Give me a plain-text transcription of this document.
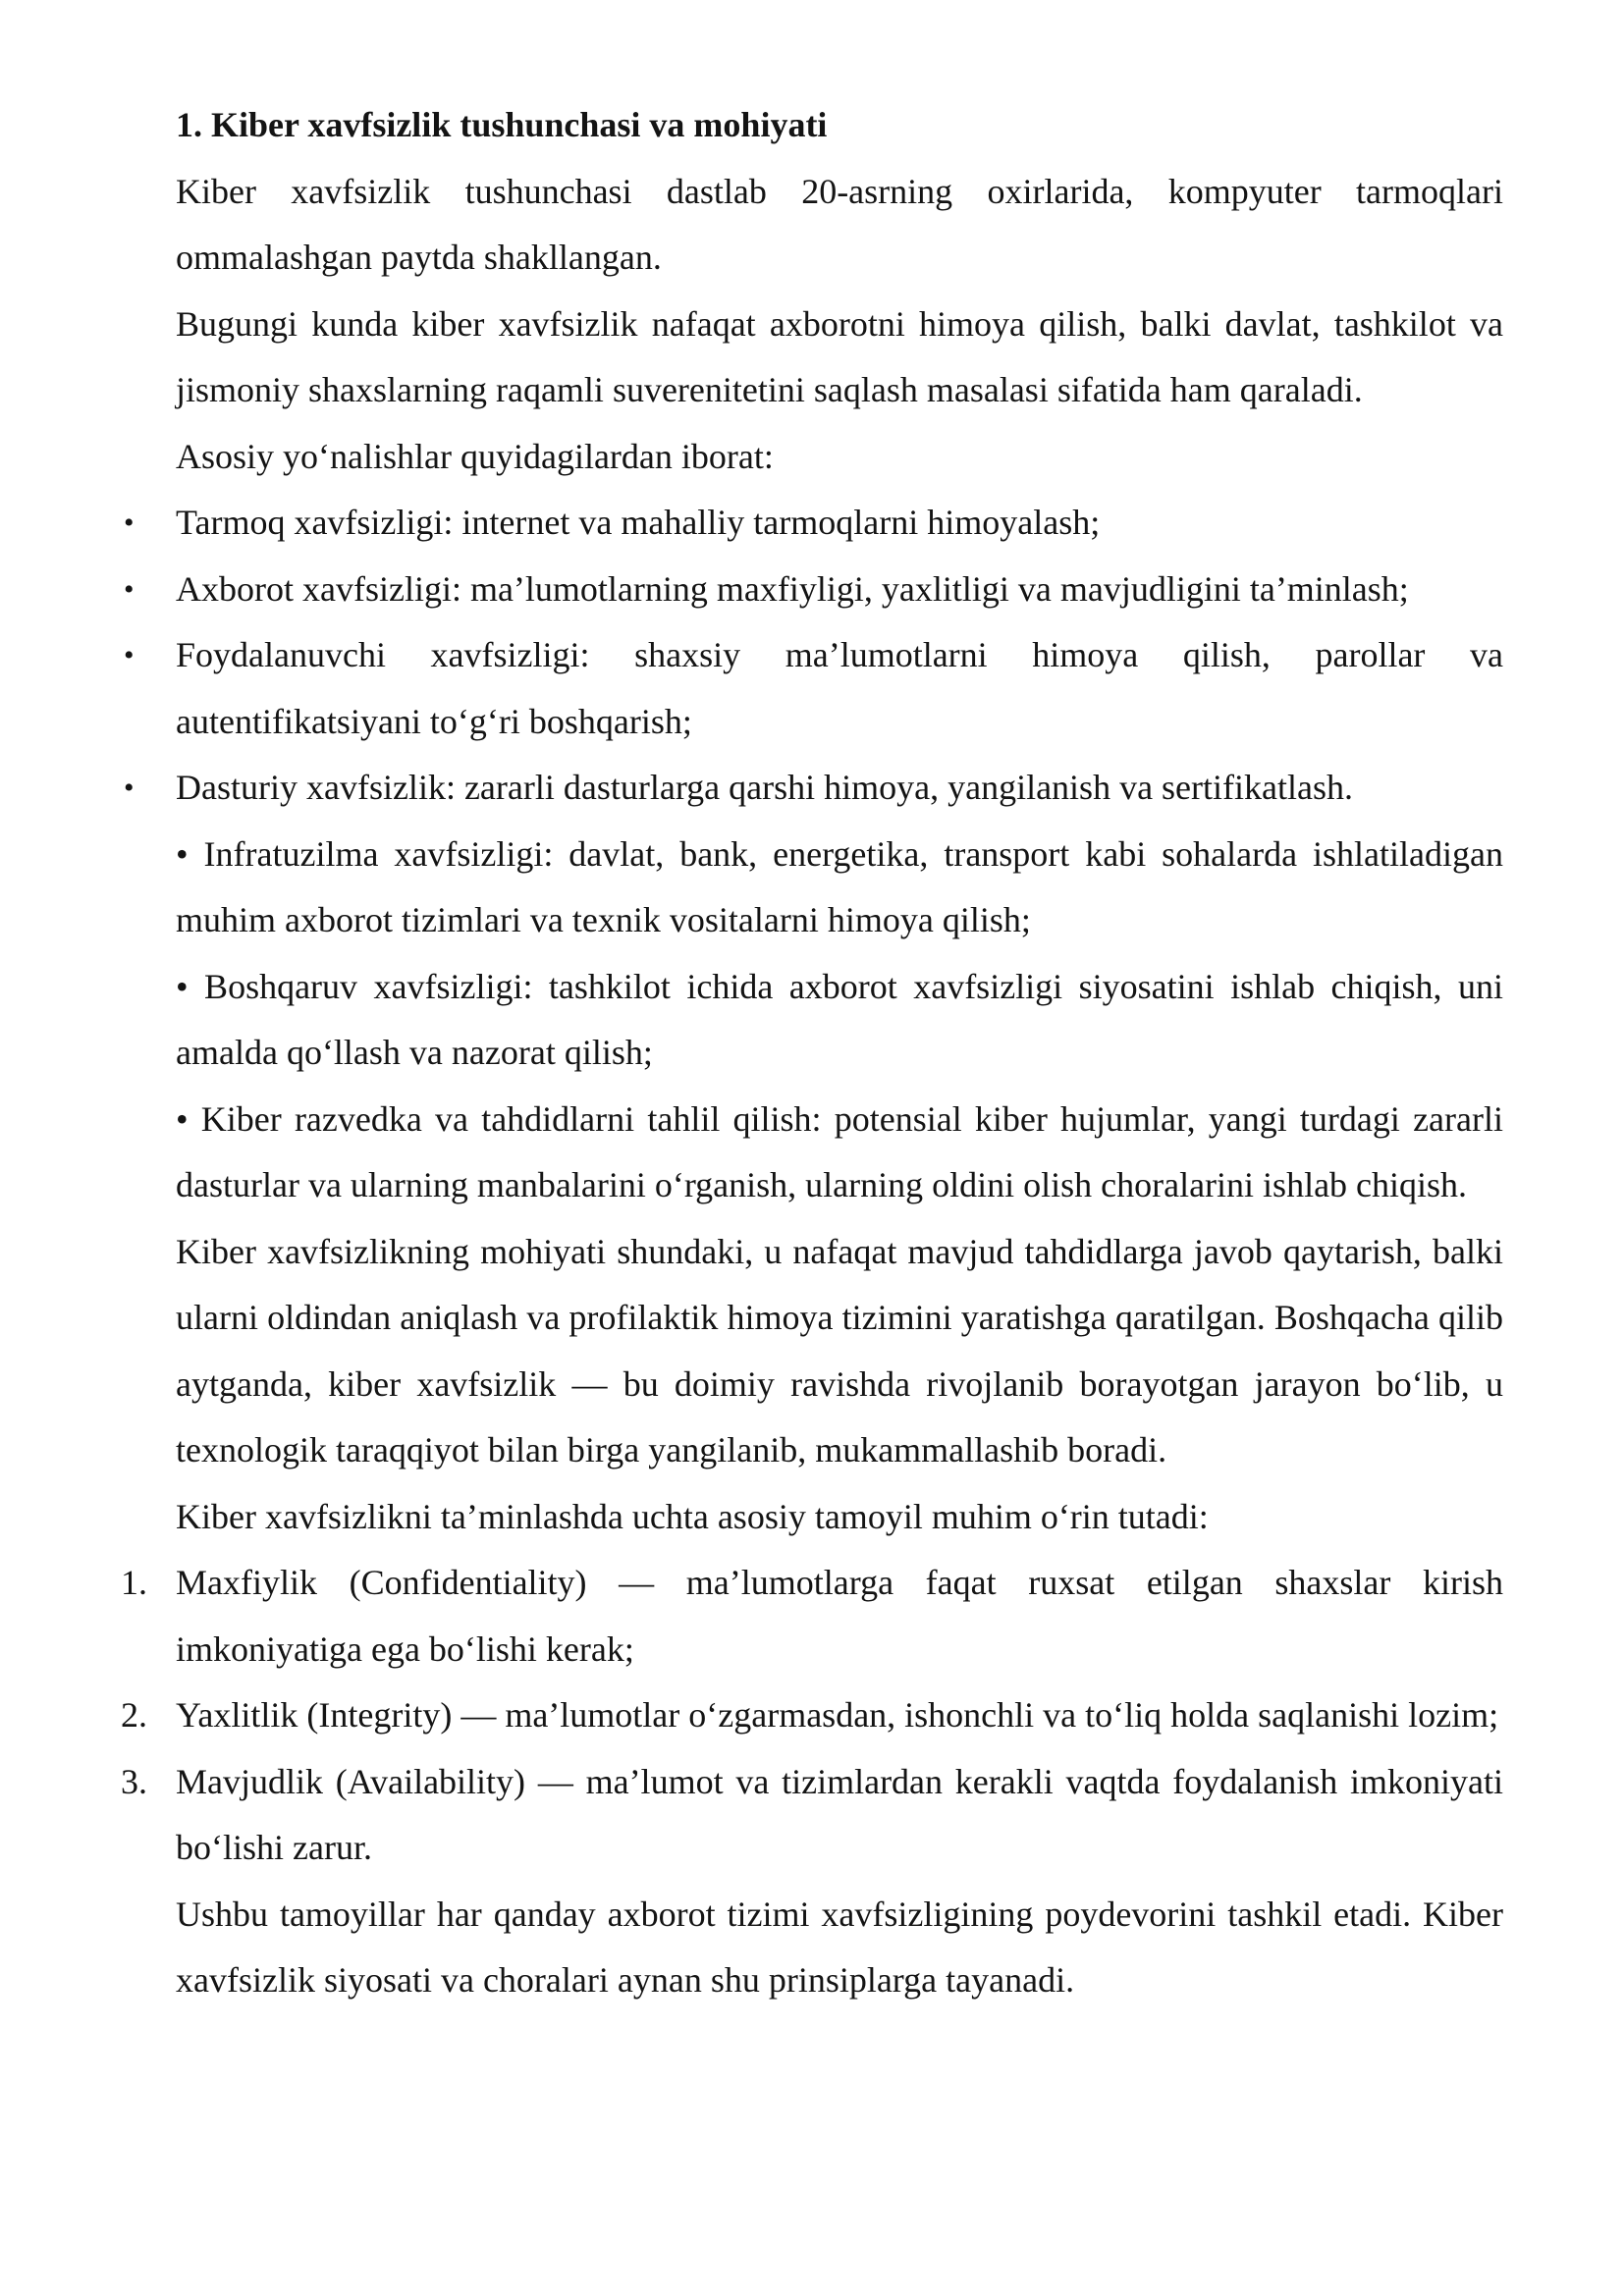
1. Kiber xavfsizlik tushunchasi va mohiyati

Kiber xavfsizlik tushunchasi dastlab 20-asrning oxirlarida, kompyuter tarmoqlari ommalashgan paytda shakllangan.

Bugungi kunda kiber xavfsizlik nafaqat axborotni himoya qilish, balki davlat, tashkilot va jismoniy shaxslarning raqamli suverenitetini saqlash masalasi sifatida ham qaraladi.

Asosiy yo‘nalishlar quyidagilardan iborat:

• Tarmoq xavfsizligi: internet va mahalliy tarmoqlarni himoyalash;

• Axborot xavfsizligi: ma’lumotlarning maxfiyligi, yaxlitligi va mavjudligini ta’minlash;

• Foydalanuvchi xavfsizligi: shaxsiy ma’lumotlarni himoya qilish, parollar va autentifikatsiyani to‘g‘ri boshqarish;

• Dasturiy xavfsizlik: zararli dasturlarga qarshi himoya, yangilanish va sertifikatlash.

• Infratuzilma xavfsizligi: davlat, bank, energetika, transport kabi sohalarda ishlatiladigan muhim axborot tizimlari va texnik vositalarni himoya qilish;

• Boshqaruv xavfsizligi: tashkilot ichida axborot xavfsizligi siyosatini ishlab chiqish, uni amalda qo‘llash va nazorat qilish;

• Kiber razvedka va tahdidlarni tahlil qilish: potensial kiber hujumlar, yangi turdagi zararli dasturlar va ularning manbalarini o‘rganish, ularning oldini olish choralarini ishlab chiqish.

Kiber xavfsizlikning mohiyati shundaki, u nafaqat mavjud tahdidlarga javob qaytarish, balki ularni oldindan aniqlash va profilaktik himoya tizimini yaratishga qaratilgan. Boshqacha qilib aytganda, kiber xavfsizlik — bu doimiy ravishda rivojlanib borayotgan jarayon bo‘lib, u texnologik taraqqiyot bilan birga yangilanib, mukammallashib boradi.

Kiber xavfsizlikni ta’minlashda uchta asosiy tamoyil muhim o‘rin tutadi:

1. Maxfiylik (Confidentiality) — ma’lumotlarga faqat ruxsat etilgan shaxslar kirish imkoniyatiga ega bo‘lishi kerak;

2. Yaxlitlik (Integrity) — ma’lumotlar o‘zgarmasdan, ishonchli va to‘liq holda saqlanishi lozim;

3. Mavjudlik (Availability) — ma’lumot va tizimlardan kerakli vaqtda foydalanish imkoniyati bo‘lishi zarur.

Ushbu tamoyillar har qanday axborot tizimi xavfsizligining poydevorini tashkil etadi. Kiber xavfsizlik siyosati va choralari aynan shu prinsiplarga tayanadi.
